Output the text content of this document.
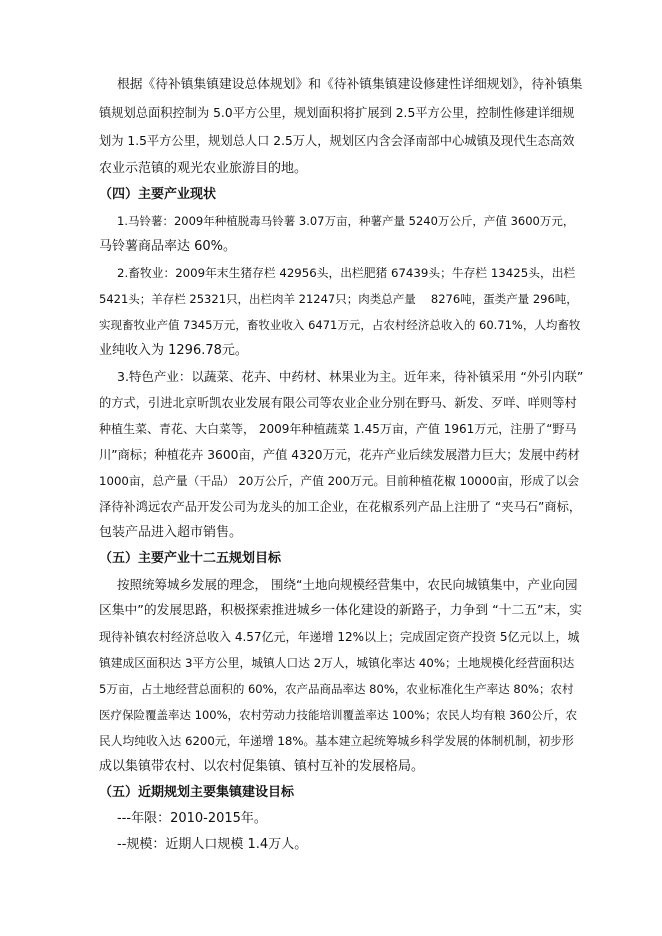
根据《待补镇集镇建设总体规划》和《待补镇集镇建设修建性详细规划》，待补镇集
镇规划总面积控制为 5.0平方公里，规划面积将扩展到 2.5平方公里，控制性修建详细规
划为 1.5平方公里，规划总人口 2.5万人，规划区内含会泽南部中心城镇及现代生态高效
农业示范镇的观光农业旅游目的地。
（四）主要产业现状
1.马铃薯：2009年种植脱毒马铃薯 3.07万亩，种薯产量 5240万公斤，产值 3600万元，
马铃薯商品率达 60%。
2.畜牧业：2009年末生猪存栏 42956头，出栏肥猪 67439头；牛存栏 13425头，出栏
5421头；羊存栏 25321只，出栏肉羊 21247只；肉类总产量　 8276吨，蛋类产量 296吨，
实现畜牧业产值 7345万元，畜牧业收入 6471万元，占农村经济总收入的 60.71%，人均畜牧
业纯收入为 1296.78元。
3.特色产业：以蔬菜、花卉、中药材、林果业为主。近年来，待补镇采用 “外引内联”
的方式，引进北京昕凯农业发展有限公司等农业企业分别在野马、新发、歹咩、咩则等村
种植生菜、青花、大白菜等， 2009年种植蔬菜 1.45万亩，产值 1961万元，注册了“野马
川”商标；种植花卉 3600亩，产值 4320万元，花卉产业后续发展潜力巨大；发展中药材
1000亩，总产量（干品） 20万公斤，产值 200万元。目前种植花椒 10000亩，形成了以会
泽待补鸿远农产品开发公司为龙头的加工企业，在花椒系列产品上注册了 “夹马石”商标，
包装产品进入超市销售。
（五）主要产业十二五规划目标
按照统筹城乡发展的理念， 围绕“土地向规模经营集中，农民向城镇集中，产业向园
区集中”的发展思路，积极探索推进城乡一体化建设的新路子，力争到 “十二五”末，实
现待补镇农村经济总收入 4.57亿元，年递增 12%以上；完成固定资产投资 5亿元以上，城
镇建成区面积达 3平方公里，城镇人口达 2万人，城镇化率达 40%；土地规模化经营面积达
5万亩，占土地经营总面积的 60%，农产品商品率达 80%，农业标准化生产率达 80%；农村
医疗保险覆盖率达 100%，农村劳动力技能培训覆盖率达 100%；农民人均有粮 360公斤，农
民人均纯收入达 6200元，年递增 18%。基本建立起统筹城乡科学发展的体制机制，初步形
成以集镇带农村、以农村促集镇、镇村互补的发展格局。
（五）近期规划主要集镇建设目标
---年限：2010-2015年。
--规模：近期人口规模 1.4万人。
